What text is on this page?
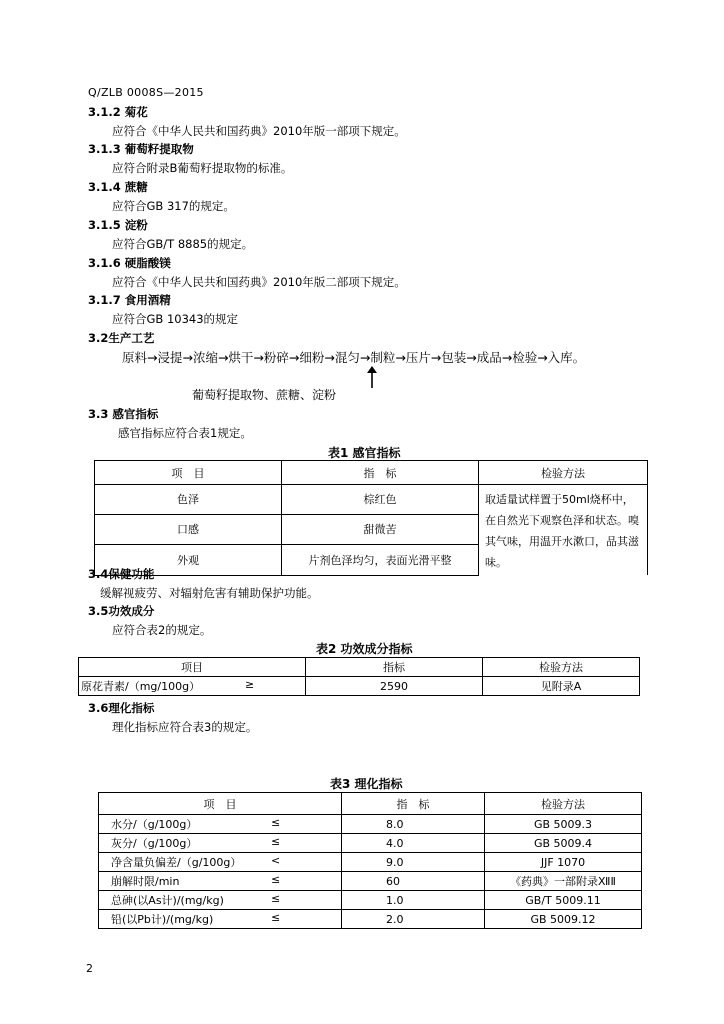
Q/ZLB 0008S—2015
3.1.2 菊花
应符合《中华人民共和国药典》2010年版一部项下规定。
3.1.3 葡萄籽提取物
应符合附录B葡萄籽提取物的标准。
3.1.4 蔗糖
应符合GB 317的规定。
3.1.5 淀粉
应符合GB/T 8885的规定。
3.1.6 硬脂酸镁
应符合《中华人民共和国药典》2010年版二部项下规定。
3.1.7 食用酒精
应符合GB 10343的规定
3.2生产工艺
原料→浸提→浓缩→烘干→粉碎→细粉→混匀→制粒→压片→包装→成品→检验→入库。
葡萄籽提取物、蔗糖、淀粉
3.3 感官指标
感官指标应符合表1规定。
表1 感官指标
项　目	指　标	检验方法
色泽	棕红色	取适量试样置于50ml烧杯中，在自然光下观察色泽和状态。嗅其气味，用温开水漱口，品其滋味。
口感	甜微苦	
外观	片剂色泽均匀，表面光滑平整	
3.4保健功能
缓解视疲劳、对辐射危害有辅助保护功能。
3.5功效成分
应符合表2的规定。
表2 功效成分指标
项目	指标	检验方法
原花青素/（mg/100g） ≥	2590	见附录A
3.6理化指标
理化指标应符合表3的规定。
表3 理化指标
项　目	指　标	检验方法
水分/（g/100g） ≤	8.0	GB 5009.3
灰分/（g/100g） ≤	4.0	GB 5009.4
净含量负偏差/（g/100g） <	9.0	JJF 1070
崩解时限/min ≤	60	《药典》一部附录ⅫⅡ
总砷(以As计)/(mg/kg) ≤	1.0	GB/T 5009.11
铅(以Pb计)/(mg/kg) ≤	2.0	GB 5009.12
2
